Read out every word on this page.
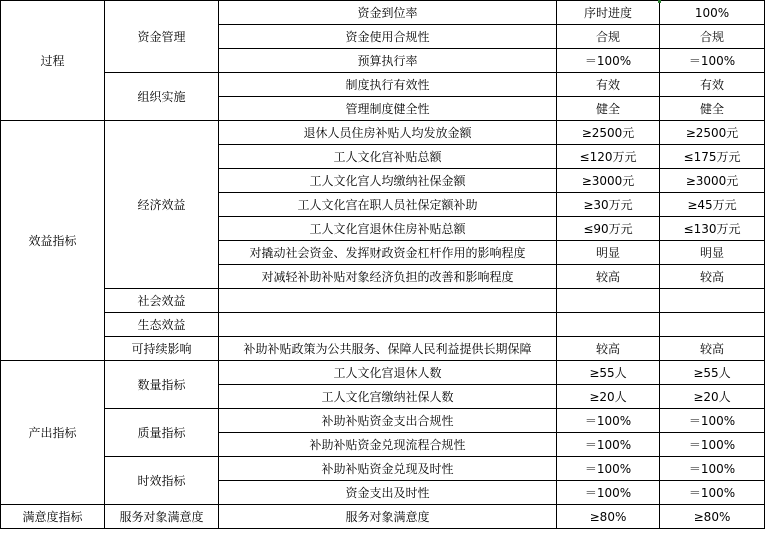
过程	资金管理	资金到位率	序时进度	100%
		资金使用合规性	合规	合规
		预算执行率	＝100%	＝100%
	组织实施	制度执行有效性	有效	有效
		管理制度健全性	健全	健全
效益指标	经济效益	退休人员住房补贴人均发放金额	≥2500元	≥2500元
		工人文化宫补贴总额	≤120万元	≤175万元
		工人文化宫人均缴纳社保金额	≥3000元	≥3000元
		工人文化宫在职人员社保定额补助	≥30万元	≥45万元
		工人文化宫退休住房补贴总额	≤90万元	≤130万元
		对撬动社会资金、发挥财政资金杠杆作用的影响程度	明显	明显
		对减轻补助补贴对象经济负担的改善和影响程度	较高	较高
	社会效益			
	生态效益			
	可持续影响	补助补贴政策为公共服务、保障人民利益提供长期保障	较高	较高
产出指标	数量指标	工人文化宫退休人数	≥55人	≥55人
		工人文化宫缴纳社保人数	≥20人	≥20人
	质量指标	补助补贴资金支出合规性	＝100%	＝100%
		补助补贴资金兑现流程合规性	＝100%	＝100%
	时效指标	补助补贴资金兑现及时性	＝100%	＝100%
		资金支出及时性	＝100%	＝100%
满意度指标	服务对象满意度	服务对象满意度	≥80%	≥80%
